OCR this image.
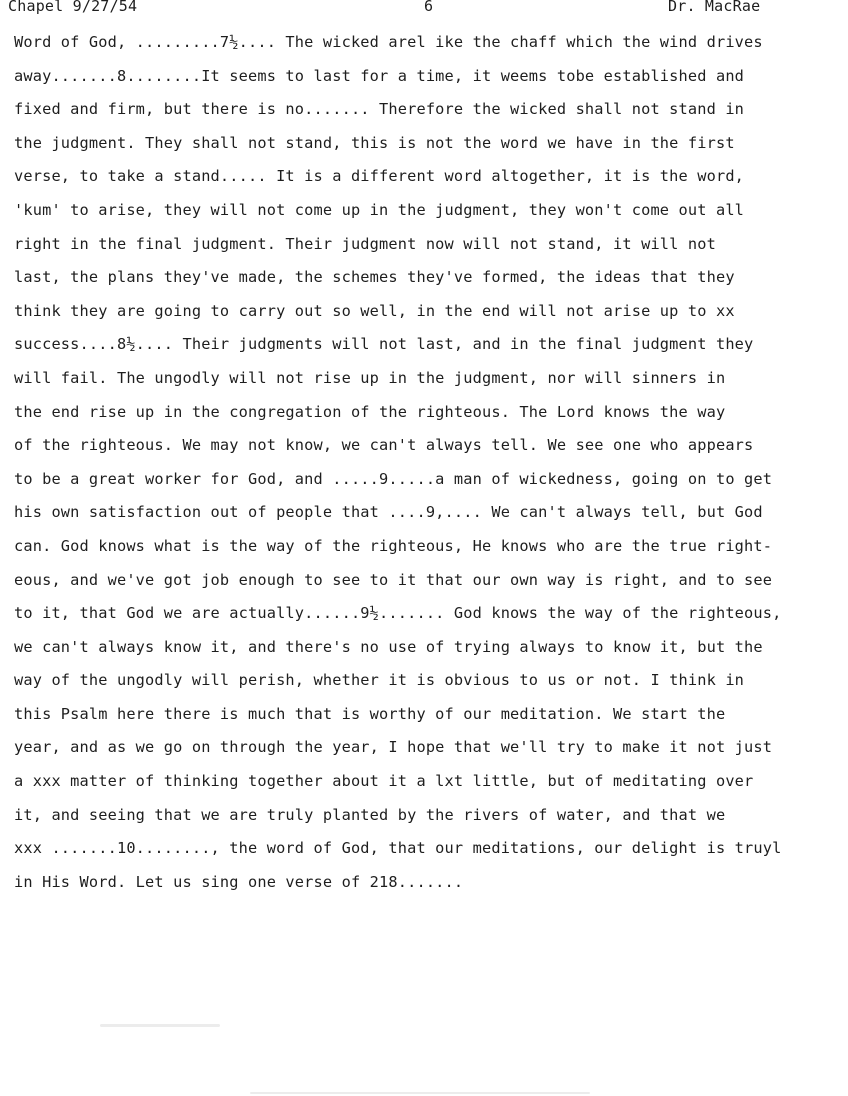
Chapel 9/27/54	6	Dr. MacRae
Word of God, .........7½.... The wicked arel ike the chaff which the wind drives
away.......8........It seems to last for a time, it weems tobe established and
fixed and firm, but there is no....... Therefore the wicked shall not stand in
the judgment. They shall not stand, this is not the word we have in the first
verse, to take a stand..... It is a different word altogether, it is the word,
'kum' to arise, they will not come up in the judgment, they won't come out all
right in the final judgment. Their judgment now will not stand, it will not
last, the plans they've made, the schemes they've formed, the ideas that they
think they are going to carry out so well, in the end will not arise up to xx
success....8½.... Their judgments will not last, and in the final judgment they
will fail. The ungodly will not rise up in the judgment, nor will sinners in
the end rise up in the congregation of the righteous. The Lord knows the way
of the righteous. We may not know, we can't always tell. We see one who appears
to be a great worker for God, and .....9.....a man of wickedness, going on to get
his own satisfaction out of people that ....9,.... We can't always tell, but God
can. God knows what is the way of the righteous, He knows who are the true right-
eous, and we've got job enough to see to it that our own way is right, and to see
to it, that God we are actually......9½....... God knows the way of the righteous,
we can't always know it, and there's no use of trying always to know it, but the
way of the ungodly will perish, whether it is obvious to us or not. I think in
this Psalm here there is much that is worthy of our meditation. We start the
year, and as we go on through the year, I hope that we'll try to make it not just
a xxx matter of thinking together about it a lxt little, but of meditating over
it, and seeing that we are truly planted by the rivers of water, and that we
xxx .......10........, the word of God, that our meditations, our delight is truyl
in His Word. Let us sing one verse of 218.......
